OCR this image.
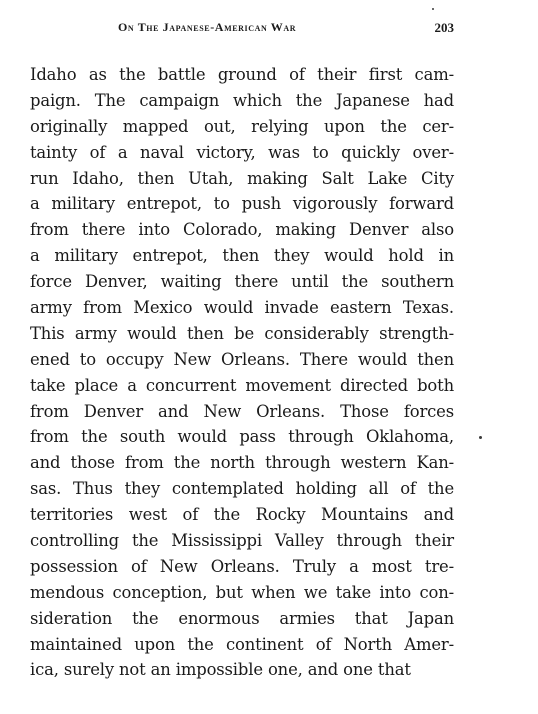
On The Japanese-American War	203
Idaho as the battle ground of their first cam-
paign. The campaign which the Japanese had
originally mapped out, relying upon the cer-
tainty of a naval victory, was to quickly over-
run Idaho, then Utah, making Salt Lake City
a military entrepot, to push vigorously forward
from there into Colorado, making Denver also
a military entrepot, then they would hold in
force Denver, waiting there until the southern
army from Mexico would invade eastern Texas.
This army would then be considerably strength-
ened to occupy New Orleans. There would then
take place a concurrent movement directed both
from Denver and New Orleans. Those forces
from the south would pass through Oklahoma,
and those from the north through western Kan-
sas. Thus they contemplated holding all of the
territories west of the Rocky Mountains and
controlling the Mississippi Valley through their
possession of New Orleans. Truly a most tre-
mendous conception, but when we take into con-
sideration the enormous armies that Japan
maintained upon the continent of North Amer-
ica, surely not an impossible one, and one that
